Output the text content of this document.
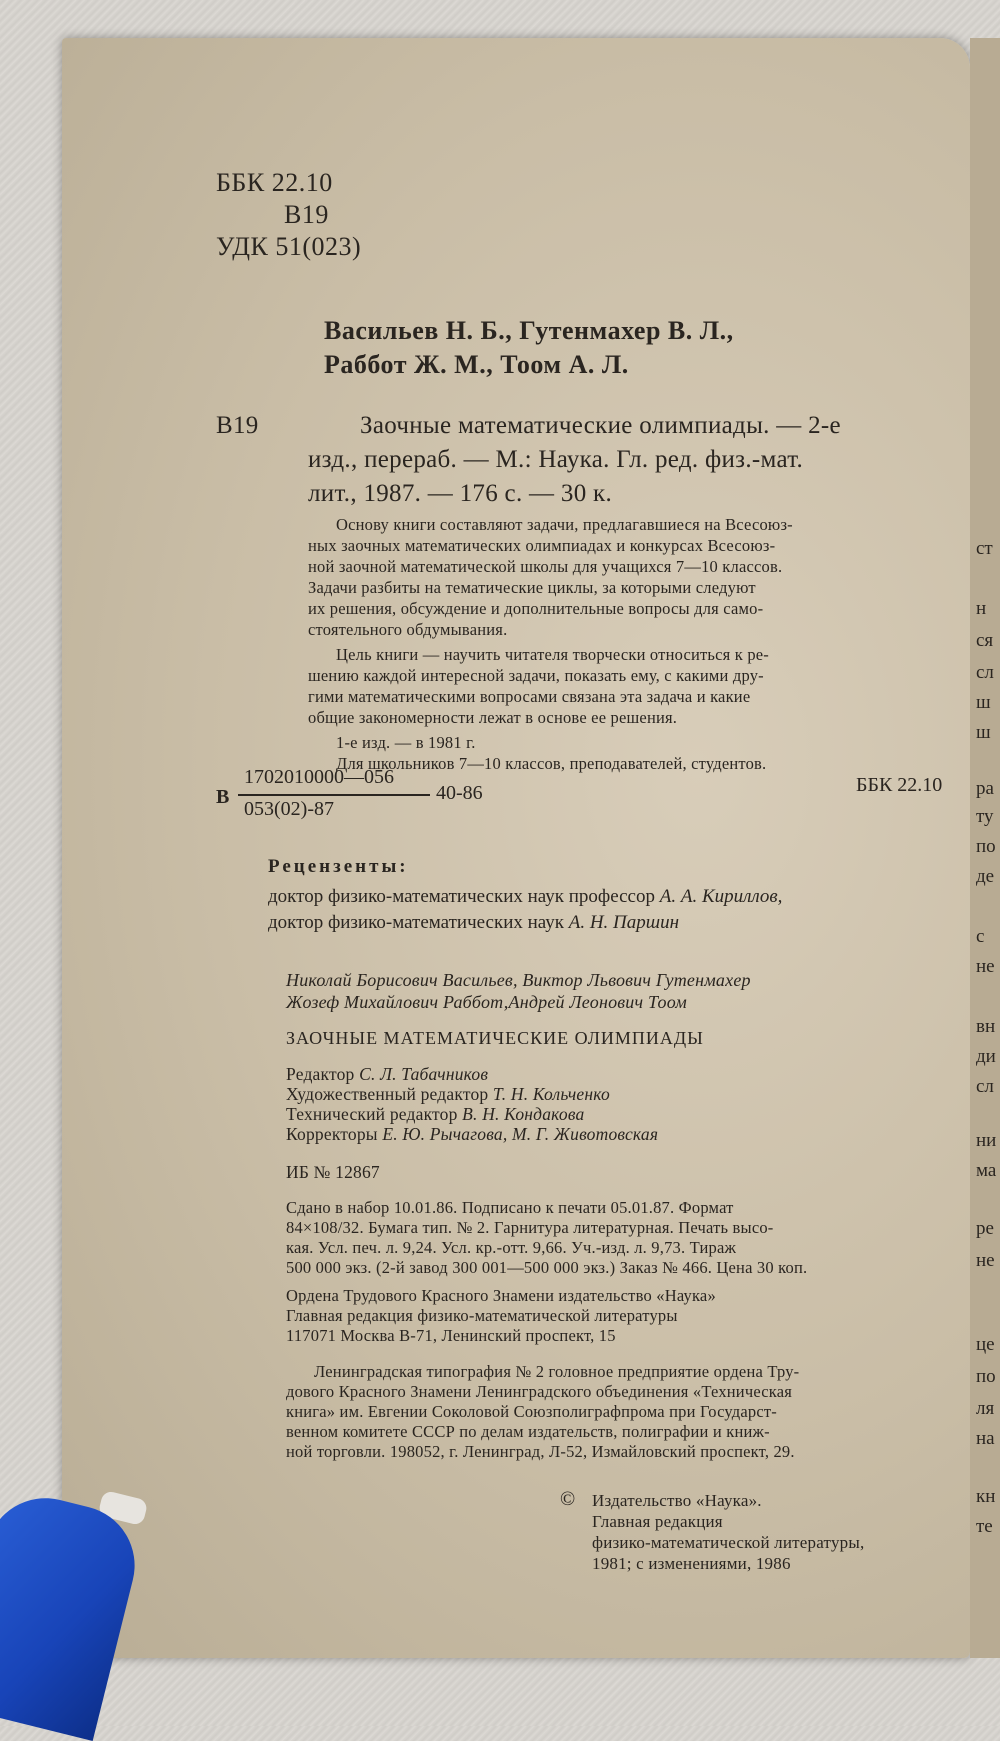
ББК 22.10
В19
УДК 51(023)
Васильев Н. Б., Гутенмахер В. Л.,
Раббот Ж. М., Тоом А. Л.
В19	Заочные математические олимпиады. — 2-е
изд., перераб. — М.: Наука. Гл. ред. физ.-мат.
лит., 1987. — 176 с. — 30 к.

Основу книги составляют задачи, предлагавшиеся на Всесоюз-

ных заочных математических олимпиадах и конкурсах Всесоюз-

ной заочной математической школы для учащихся 7—10 классов.

Задачи разбиты на тематические циклы, за которыми следуют

их решения, обсуждение и дополнительные вопросы для само-

стоятельного обдумывания.

Цель книги — научить читателя творчески относиться к ре-

шению каждой интересной задачи, показать ему, с какими дру-

гими математическими вопросами связана эта задача и какие

общие закономерности лежат в основе ее решения.

1-е изд. — в 1981 г.

Для школьников 7—10 классов, преподавателей, студентов.

В
1702010000—056
053(02)-87
40-86	ББК 22.10
Рецензенты:
доктор физико-математических наук профессор А. А. Кириллов,
доктор физико-математических наук А. Н. Паршин
Николай Борисович Васильев, Виктор Львович Гутенмахер
Жозеф Михайлович Раббот,Андрей Леонович Тоом
ЗАОЧНЫЕ МАТЕМАТИЧЕСКИЕ ОЛИМПИАДЫ
Редактор С. Л. Табачников
Художественный редактор Т. Н. Кольченко
Технический редактор В. Н. Кондакова
Корректоры Е. Ю. Рычагова, М. Г. Животовская
ИБ № 12867

Сдано в набор 10.01.86. Подписано к печати 05.01.87. Формат

84×108/32. Бумага тип. № 2. Гарнитура литературная. Печать высо-

кая. Усл. печ. л. 9,24. Усл. кр.-отт. 9,66. Уч.-изд. л. 9,73. Тираж

500 000 экз. (2-й завод 300 001—500 000 экз.) Заказ № 466. Цена 30 коп.

Ордена Трудового Красного Знамени издательство «Наука»

Главная редакция физико-математической литературы

117071 Москва В-71, Ленинский проспект, 15

Ленинградская типография № 2 головное предприятие ордена Тру-

дового Красного Знамени Ленинградского объединения «Техническая

книга» им. Евгении Соколовой Союзполиграфпрома при Государст-

венном комитете СССР по делам издательств, полиграфии и книж-

ной торговли. 198052, г. Ленинград, Л-52, Измайловский проспект, 29.

© Издательство «Наука».

Главная редакция

физико-математической литературы,

1981; с изменениями, 1986

ст
н
ся
сл
ш
ш
ра
ту
по
де
с
не
вн
ди
сл
ни
ма
ре
не
це
по
ля
на
кн
те
